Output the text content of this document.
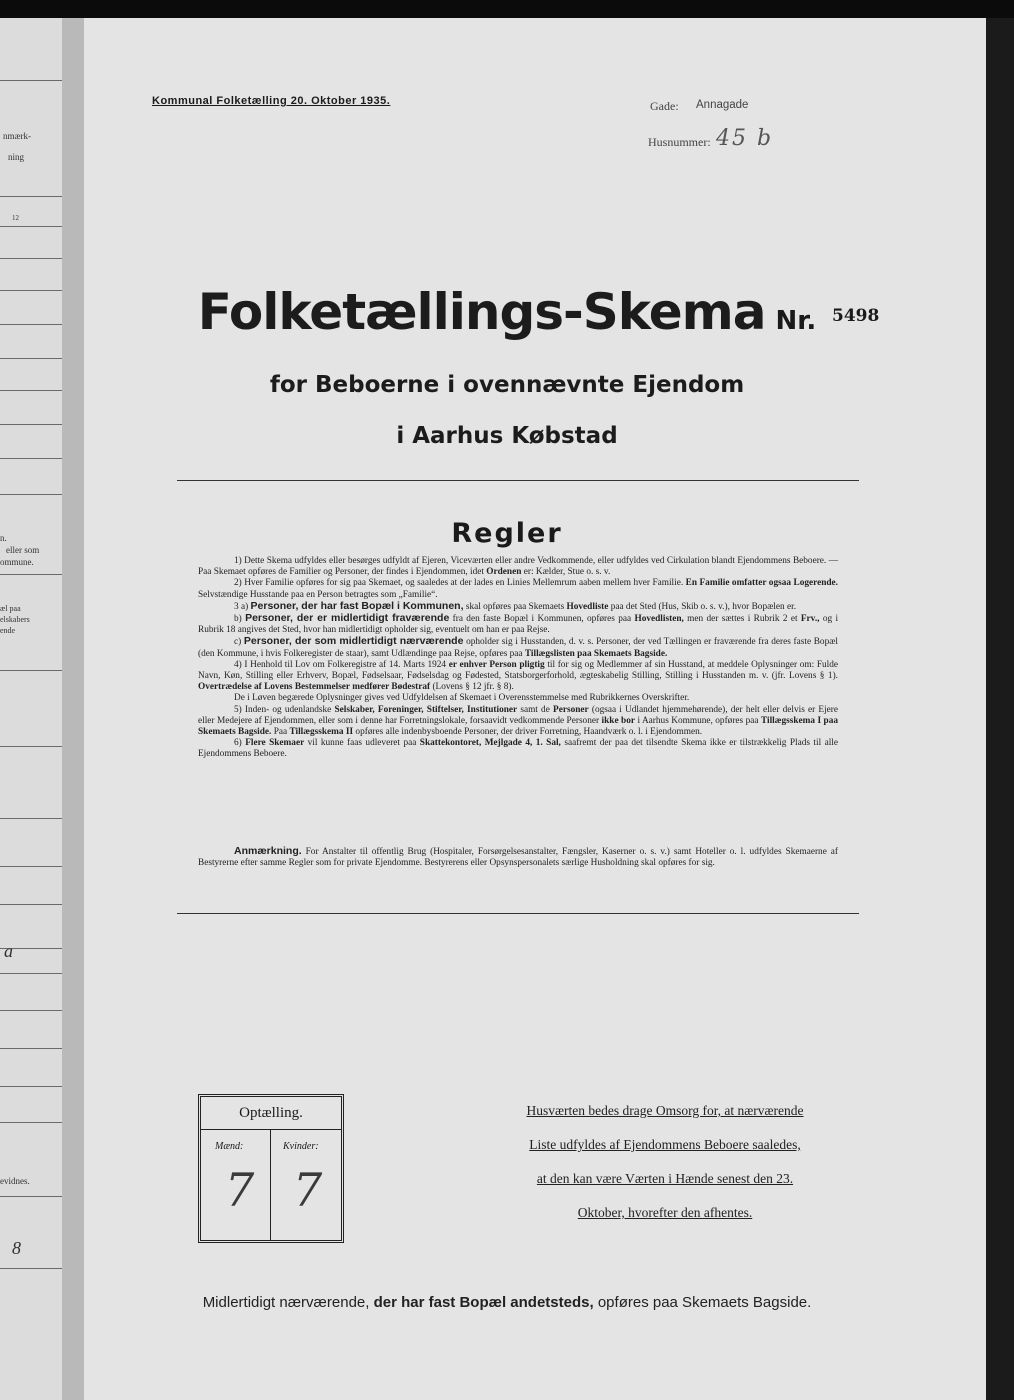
nmærk-
ning
12
n.
eller som
ommune.
æl paa
elskabers
ende
a
evidnes.
8
Kommunal Folketælling 20. Oktober 1935.	Gade: Annagade
Husnummer: 45 b
Folketællings-Skema Nr. 5498
for Beboerne i ovennævnte Ejendom
i Aarhus Købstad
Regler

1) Dette Skema udfyldes eller besørges udfyldt af Ejeren, Viceværten eller andre Vedkommende, eller udfyldes ved Cirkulation blandt Ejendommens Beboere. — Paa Skemaet opføres de Familier og Personer, der findes i Ejendommen, idet Ordenen er: Kælder, Stue o. s. v.

2) Hver Familie opføres for sig paa Skemaet, og saaledes at der lades en Linies Mellemrum aaben mellem hver Familie. En Familie omfatter ogsaa Logerende. Selvstændige Husstande paa en Person betragtes som „Familie“.

3 a) Personer, der har fast Bopæl i Kommunen, skal opføres paa Skemaets Hovedliste paa det Sted (Hus, Skib o. s. v.), hvor Bopælen er.

b) Personer, der er midlertidigt fraværende fra den faste Bopæl i Kommunen, opføres paa Hovedlisten, men der sættes i Rubrik 2 et Frv., og i Rubrik 18 angives det Sted, hvor han midlertidigt opholder sig, eventuelt om han er paa Rejse.

c) Personer, der som midlertidigt nærværende opholder sig i Husstanden, d. v. s. Personer, der ved Tællingen er fraværende fra deres faste Bopæl (den Kommune, i hvis Folkeregister de staar), samt Udlændinge paa Rejse, opføres paa Tillægslisten paa Skemaets Bagside.

4) I Henhold til Lov om Folkeregistre af 14. Marts 1924 er enhver Person pligtig til for sig og Medlemmer af sin Husstand, at meddele Oplysninger om: Fulde Navn, Køn, Stilling eller Erhverv, Bopæl, Fødselsaar, Fødselsdag og Fødested, Statsborgerforhold, ægteskabelig Stilling, Stilling i Husstanden m. v. (jfr. Lovens § 1). Overtrædelse af Lovens Bestemmelser medfører Bødestraf (Lovens § 12 jfr. § 8).

De i Løven begærede Oplysninger gives ved Udfyldelsen af Skemaet i Overensstemmelse med Rubrikkernes Overskrifter.

5) Inden- og udenlandske Selskaber, Foreninger, Stiftelser, Institutioner samt de Personer (ogsaa i Udlandet hjemmehørende), der helt eller delvis er Ejere eller Medejere af Ejendommen, eller som i denne har Forretningslokale, forsaavidt vedkommende Personer ikke bor i Aarhus Kommune, opføres paa Tillægsskema I paa Skemaets Bagside. Paa Tillægsskema II opføres alle indenbysboende Personer, der driver Forretning, Haandværk o. l. i Ejendommen.

6) Flere Skemaer vil kunne faas udleveret paa Skattekontoret, Mejlgade 4, 1. Sal, saafremt der paa det tilsendte Skema ikke er tilstrækkelig Plads til alle Ejendommens Beboere.

Anmærkning. For Anstalter til offentlig Brug (Hospitaler, Forsørgelsesanstalter, Fængsler, Kaserner o. s. v.) samt Hoteller o. l. udfyldes Skemaerne af Bestyrerne efter samme Regler som for private Ejendomme. Bestyrerens eller Opsynspersonalets særlige Husholdning skal opføres for sig.

Optælling.
Mænd:	Kvinder:
7 7
Husværten bedes drage Omsorg for, at nærværende
Liste udfyldes af Ejendommens Beboere saaledes,
at den kan være Værten i Hænde senest den 23.
Oktober, hvorefter den afhentes.
Midlertidigt nærværende, der har fast Bopæl andetsteds, opføres paa Skemaets Bagside.
